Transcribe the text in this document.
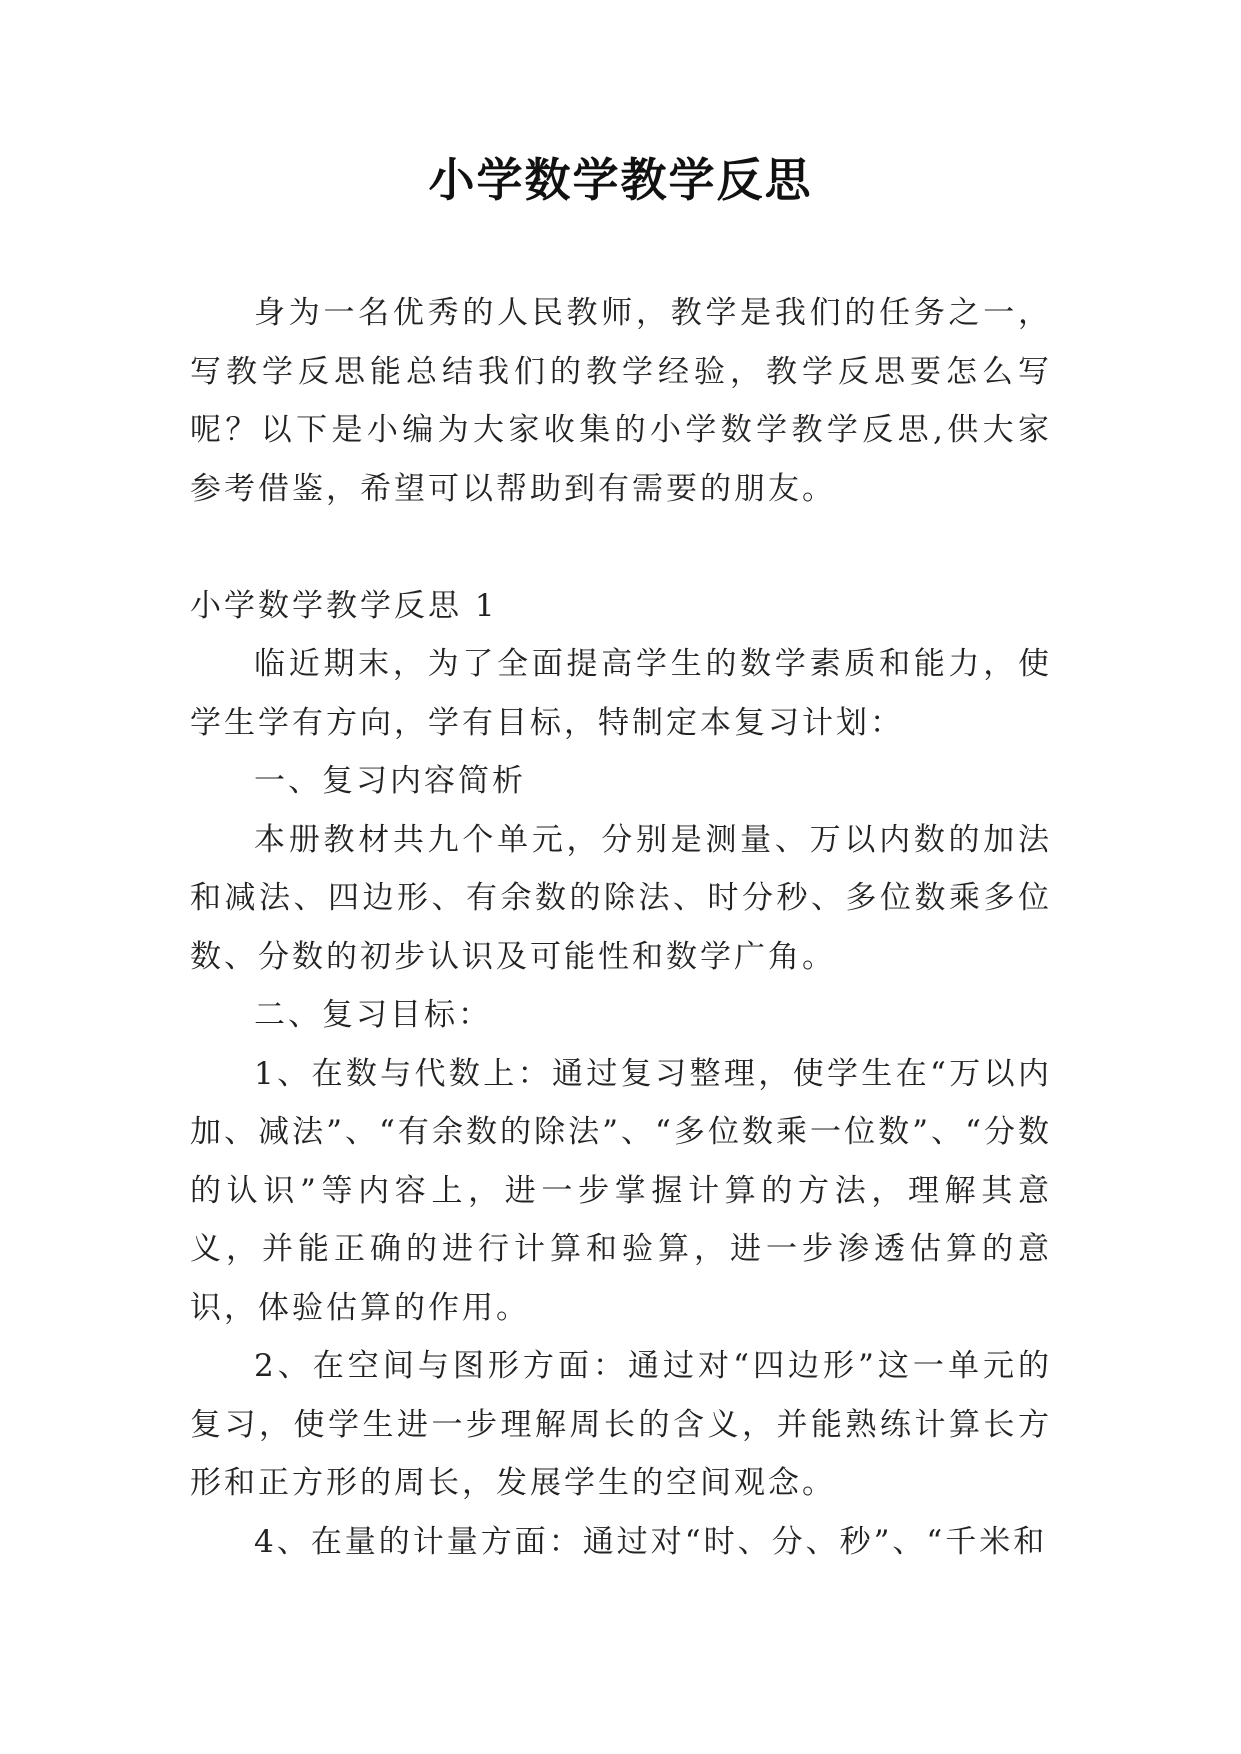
小学数学教学反思

身为一名优秀的人民教师，教学是我们的任务之一，写教学反思能总结我们的教学经验，教学反思要怎么写呢？以下是小编为大家收集的小学数学教学反思,供大家参考借鉴，希望可以帮助到有需要的朋友。

小学数学教学反思 1

临近期末，为了全面提高学生的数学素质和能力，使学生学有方向，学有目标，特制定本复习计划：

一、复习内容简析

本册教材共九个单元，分别是测量、万以内数的加法和减法、四边形、有余数的除法、时分秒、多位数乘多位数、分数的初步认识及可能性和数学广角。

二、复习目标：

1、在数与代数上：通过复习整理，使学生在“万以内加、减法”、“有余数的除法”、“多位数乘一位数”、“分数的认识”等内容上，进一步掌握计算的方法，理解其意义，并能正确的进行计算和验算，进一步渗透估算的意识，体验估算的作用。

2、在空间与图形方面：通过对“四边形”这一单元的复习，使学生进一步理解周长的含义，并能熟练计算长方形和正方形的周长，发展学生的空间观念。

4、在量的计量方面：通过对“时、分、秒”、“千米和
